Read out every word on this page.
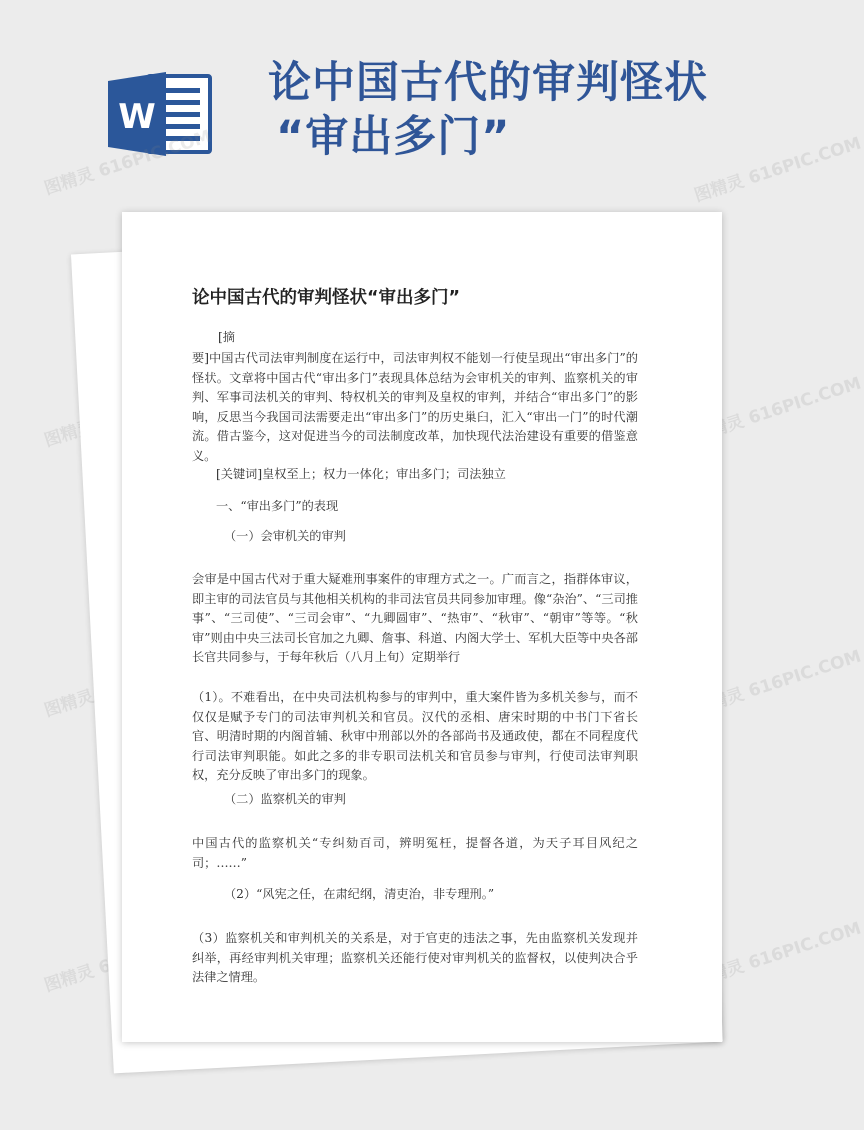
W
论中国古代的审判怪状
“审出多门”
图精灵 616PIC.COM	图精灵 616PIC.COM
图精灵	图精灵 616PIC.COM
图精灵	图精灵 616PIC.COM
图精灵	图精灵 616PIC.COM
论中国古代的审判怪状“审出多门”

[摘

要]中国古代司法审判制度在运行中，司法审判权不能划一行使呈现出“审出多门”的怪状。文章将中国古代“审出多门”表现具体总结为会审机关的审判、监察机关的审判、军事司法机关的审判、特权机关的审判及皇权的审判，并结合“审出多门”的影响，反思当今我国司法需要走出“审出多门”的历史巢臼，汇入“审出一门”的时代潮流。借古鉴今，这对促进当今的司法制度改革，加快现代法治建设有重要的借鉴意义。

[关键词]皇权至上；权力一体化；审出多门；司法独立

一、“审出多门”的表现

（一）会审机关的审判

会审是中国古代对于重大疑难刑事案件的审理方式之一。广而言之，指群体审议，即主审的司法官员与其他相关机构的非司法官员共同参加审理。像“杂治”、“三司推事”、“三司使”、“三司会审”、“九卿圆审”、“热审”、“秋审”、“朝审”等等。“秋审”则由中央三法司长官加之九卿、詹事、科道、内阁大学士、军机大臣等中央各部长官共同参与，于每年秋后（八月上旬）定期举行

（1）。不难看出，在中央司法机构参与的审判中，重大案件皆为多机关参与，而不仅仅是赋予专门的司法审判机关和官员。汉代的丞相、唐宋时期的中书门下省长官、明清时期的内阁首辅、秋审中刑部以外的各部尚书及通政使，都在不同程度代行司法审判职能。如此之多的非专职司法机关和官员参与审判，行使司法审判职权，充分反映了审出多门的现象。

（二）监察机关的审判

中国古代的监察机关“专纠劾百司，辨明冤枉，提督各道，为天子耳目风纪之司；……”

（2）“风宪之任，在肃纪纲，清吏治，非专理刑。”

（3）监察机关和审判机关的关系是，对于官吏的违法之事，先由监察机关发现并纠举，再经审判机关审理；监察机关还能行使对审判机关的监督权，以使判决合乎法律之情理。
